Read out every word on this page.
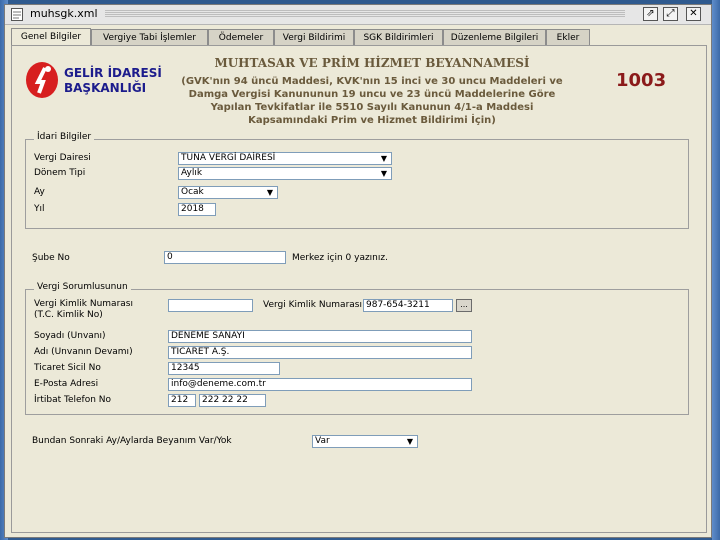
muhsgk.xml	⇗	⤢	✕
Genel Bilgiler	Vergiye Tabi İşlemler	Ödemeler	Vergi Bildirimi	SGK Bildirimleri	Düzenleme Bilgileri	Ekler
GELİR İDARESİ
BAŞKANLIĞI
MUHTASAR VE PRİM HİZMET BEYANNAMESİ
(GVK'nın 94 üncü Maddesi, KVK'nın 15 inci ve 30 uncu Maddeleri ve
Damga Vergisi Kanununun 19 uncu ve 23 üncü Maddelerine Göre
Yapılan Tevkifatlar ile 5510 Sayılı Kanunun 4/1-a Maddesi
Kapsamındaki Prim ve Hizmet Bildirimi İçin)
1003
İdari Bilgiler
Vergi Dairesi	TUNA VERGİ DAİRESİ	▼
Dönem Tipi	Aylık	▼
Ay	Ocak	▼
Yıl	2018
Şube No	0	Merkez için 0 yazınız.
Vergi Sorumlusunun
Vergi Kimlik Numarası
(T.C. Kimlik No)
Vergi Kimlik Numarası 987-654-3211	...
Soyadı (Unvanı)	DENEME SANAYİ
Adı (Unvanın Devamı)	TİCARET A.Ş.
Ticaret Sicil No	12345
E-Posta Adresi	info@deneme.com.tr
İrtibat Telefon No	212	222 22 22
Bundan Sonraki Ay/Aylarda Beyanım Var/Yok	Var	▼
